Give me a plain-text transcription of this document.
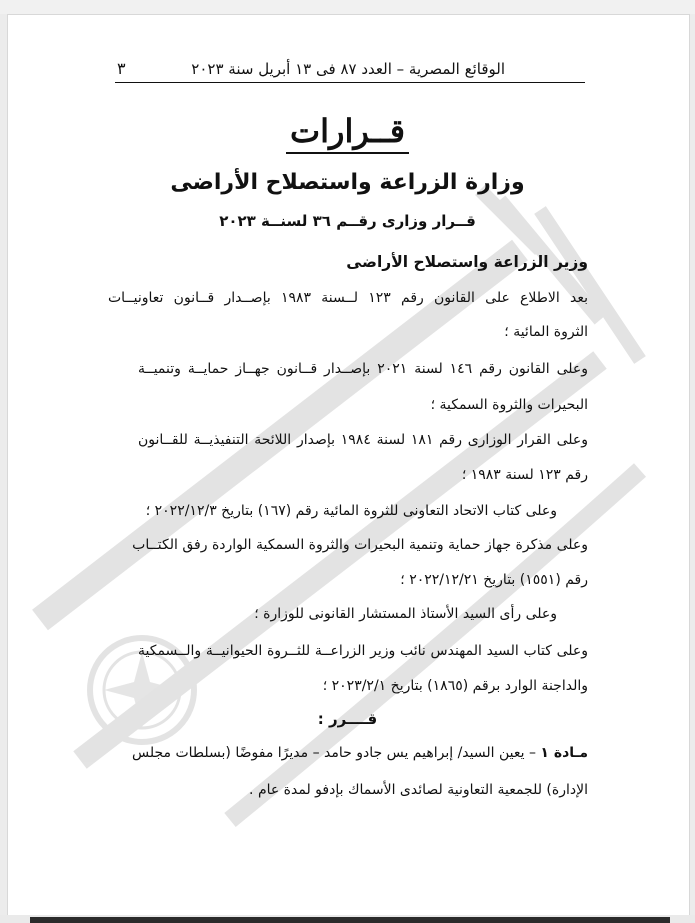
الوقائع المصرية – العدد ٨٧ فى ١٣ أبريل سنة ٢٠٢٣
٣
قــرارات
وزارة الزراعة واستصلاح الأراضى
قــرار وزارى رقــم ٣٦ لسنــة ٢٠٢٣
وزير الزراعة واستصلاح الأراضى
بعد الاطلاع على القانون رقم ١٢٣ لــسنة ١٩٨٣ بإصــدار قــانون تعاونيــات
الثروة المائية ؛
وعلى القانون رقم ١٤٦ لسنة ٢٠٢١ بإصــدار قــانون جهــاز حمايــة وتنميــة
البحيرات والثروة السمكية ؛
وعلى القرار الوزارى رقم ١٨١ لسنة ١٩٨٤ بإصدار اللائحة التنفيذيــة للقــانون
رقم ١٢٣ لسنة ١٩٨٣ ؛
وعلى كتاب الاتحاد التعاونى للثروة المائية رقم (١٦٧) بتاريخ ٢٠٢٢/١٢/٣ ؛
وعلى مذكرة جهاز حماية وتنمية البحيرات والثروة السمكية الواردة رفق الكتــاب
رقم (١٥٥١) بتاريخ ٢٠٢٢/١٢/٢١ ؛
وعلى رأى السيد الأستاذ المستشار القانونى للوزارة ؛
وعلى كتاب السيد المهندس نائب وزير الزراعــة للثــروة الحيوانيــة والــسمكية
والداجنة الوارد برقم (١٨٦٥) بتاريخ ٢٠٢٣/٢/١ ؛
قــــرر :
مـادة ١ – يعين السيد/ إبراهيم يس جادو حامد – مديرًا مفوضًا (بسلطات مجلس
الإدارة) للجمعية التعاونية لصائدى الأسماك بإدفو لمدة عام .
